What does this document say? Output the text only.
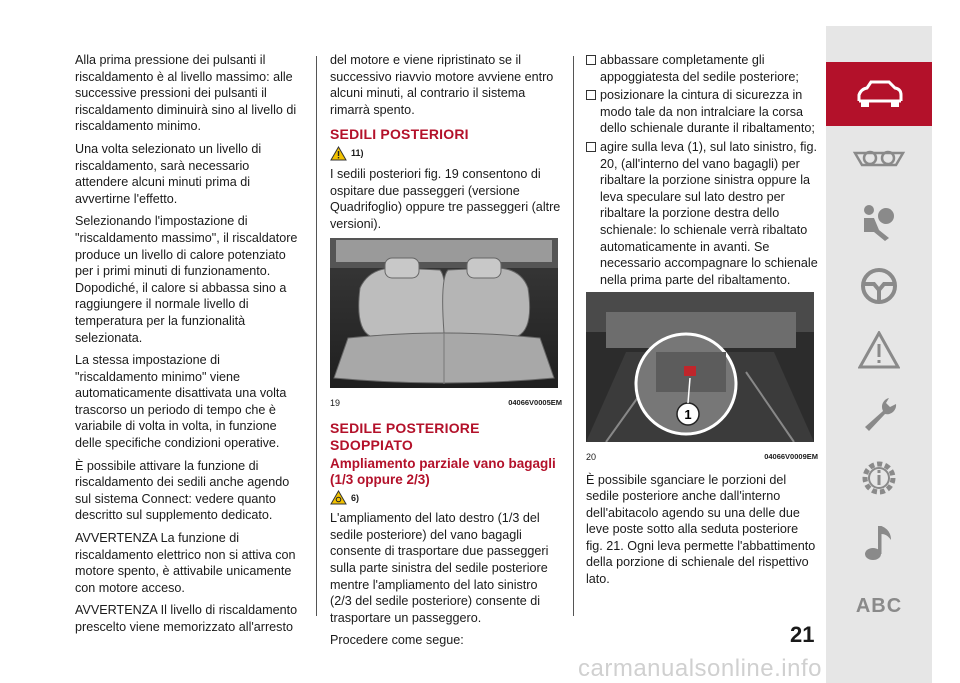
Alla prima pressione dei pulsanti il riscaldamento è al livello massimo: alle successive pressioni dei pulsanti il riscaldamento diminuirà sino al livello di riscaldamento minimo.

Una volta selezionato un livello di riscaldamento, sarà necessario attendere alcuni minuti prima di avvertirne l'effetto.

Selezionando l'impostazione di "riscaldamento massimo", il riscaldatore produce un livello di calore potenziato per i primi minuti di funzionamento. Dopodiché, il calore si abbassa sino a raggiungere il normale livello di temperatura per la funzionalità selezionata.

La stessa impostazione di "riscaldamento minimo" viene automaticamente disattivata una volta trascorso un periodo di tempo che è variabile di volta in volta, in funzione delle specifiche condizioni operative.

È possibile attivare la funzione di riscaldamento dei sedili anche agendo sul sistema Connect: vedere quanto descritto sul supplemento dedicato.

AVVERTENZA La funzione di riscaldamento elettrico non si attiva con motore spento, è attivabile unicamente con motore acceso.

AVVERTENZA Il livello di riscaldamento prescelto viene memorizzato all'arresto

del motore e viene ripristinato se il successivo riavvio motore avviene entro alcuni minuti, al contrario il sistema rimarrà spento.

SEDILI POSTERIORI
11)

I sedili posteriori fig. 19 consentono di ospitare due passeggeri (versione Quadrifoglio) oppure tre passeggeri (altre versioni).

19	04066V0005EM
SEDILE POSTERIORE SDOPPIATO
Ampliamento parziale vano bagagli (1/3 oppure 2/3)
6)

L'ampliamento del lato destro (1/3 del sedile posteriore) del vano bagagli consente di trasportare due passeggeri sulla parte sinistra del sedile posteriore mentre l'ampliamento del lato sinistro (2/3 del sedile posteriore) consente di trasportare un passeggero.

Procedere come segue:

abbassare completamente gli appoggiatesta del sedile posteriore;
posizionare la cintura di sicurezza in modo tale da non intralciare la corsa dello schienale durante il ribaltamento;
agire sulla leva (1), sul lato sinistro, fig. 20, (all'interno del vano bagagli) per ribaltare la porzione sinistra oppure la leva speculare sul lato destro per ribaltare la porzione destra dello schienale: lo schienale verrà ribaltato automaticamente in avanti. Se necessario accompagnare lo schienale nella prima parte del ribaltamento.
1
20	04066V0009EM

È possibile sganciare le porzioni del sedile posteriore anche dall'interno dell'abitacolo agendo su una delle due leve poste sotto alla seduta posteriore fig. 21. Ogni leva permette l'abbattimento della porzione di schienale del rispettivo lato.

ABC
21
carmanualsonline.info
